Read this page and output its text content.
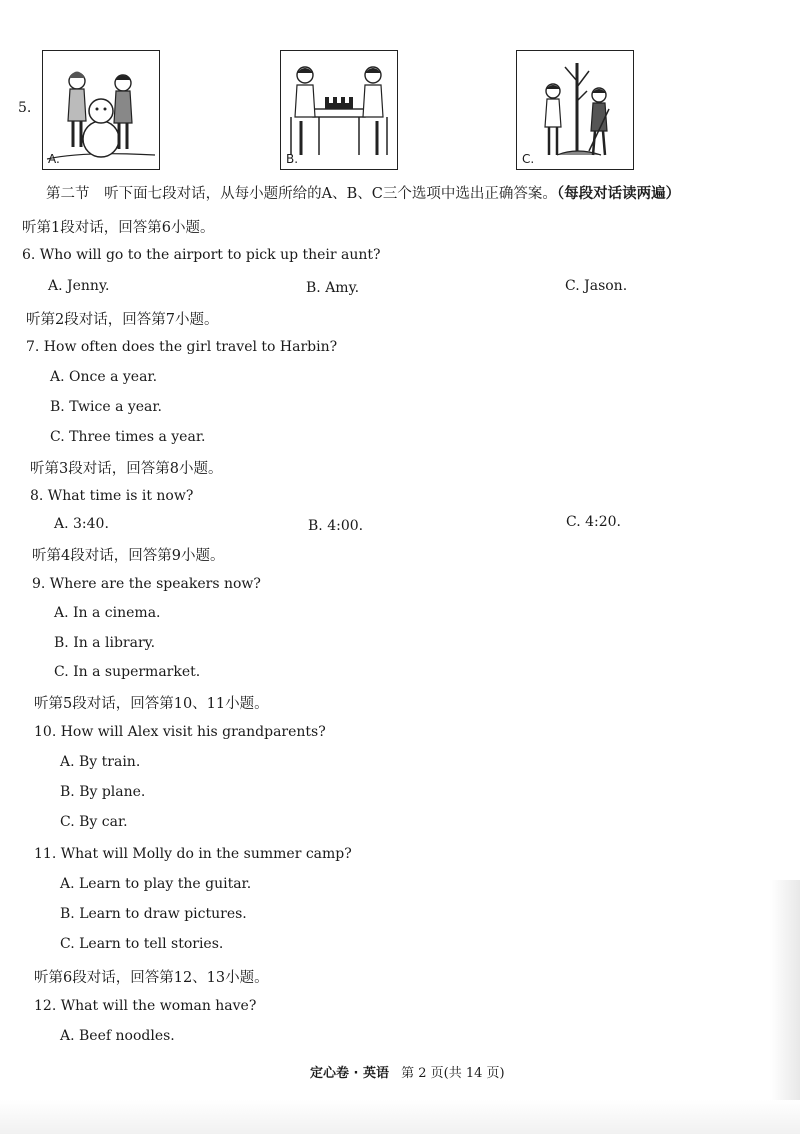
5.
A.	B.	C.
第二节 听下面七段对话，从每小题所给的A、B、C三个选项中选出正确答案。（每段对话读两遍）
听第1段对话，回答第6小题。
6. Who will go to the airport to pick up their aunt?
A. Jenny.	B. Amy.	C. Jason.
听第2段对话，回答第7小题。
7. How often does the girl travel to Harbin?
A. Once a year.
B. Twice a year.
C. Three times a year.
听第3段对话，回答第8小题。
8. What time is it now?
A. 3:40.	B. 4:00.	C. 4:20.
听第4段对话，回答第9小题。
9. Where are the speakers now?
A. In a cinema.
B. In a library.
C. In a supermarket.
听第5段对话，回答第10、11小题。
10. How will Alex visit his grandparents?
A. By train.
B. By plane.
C. By car.
11. What will Molly do in the summer camp?
A. Learn to play the guitar.
B. Learn to draw pictures.
C. Learn to tell stories.
听第6段对话，回答第12、13小题。
12. What will the woman have?
A. Beef noodles.
定心卷 · 英语 第 2 页(共 14 页)
